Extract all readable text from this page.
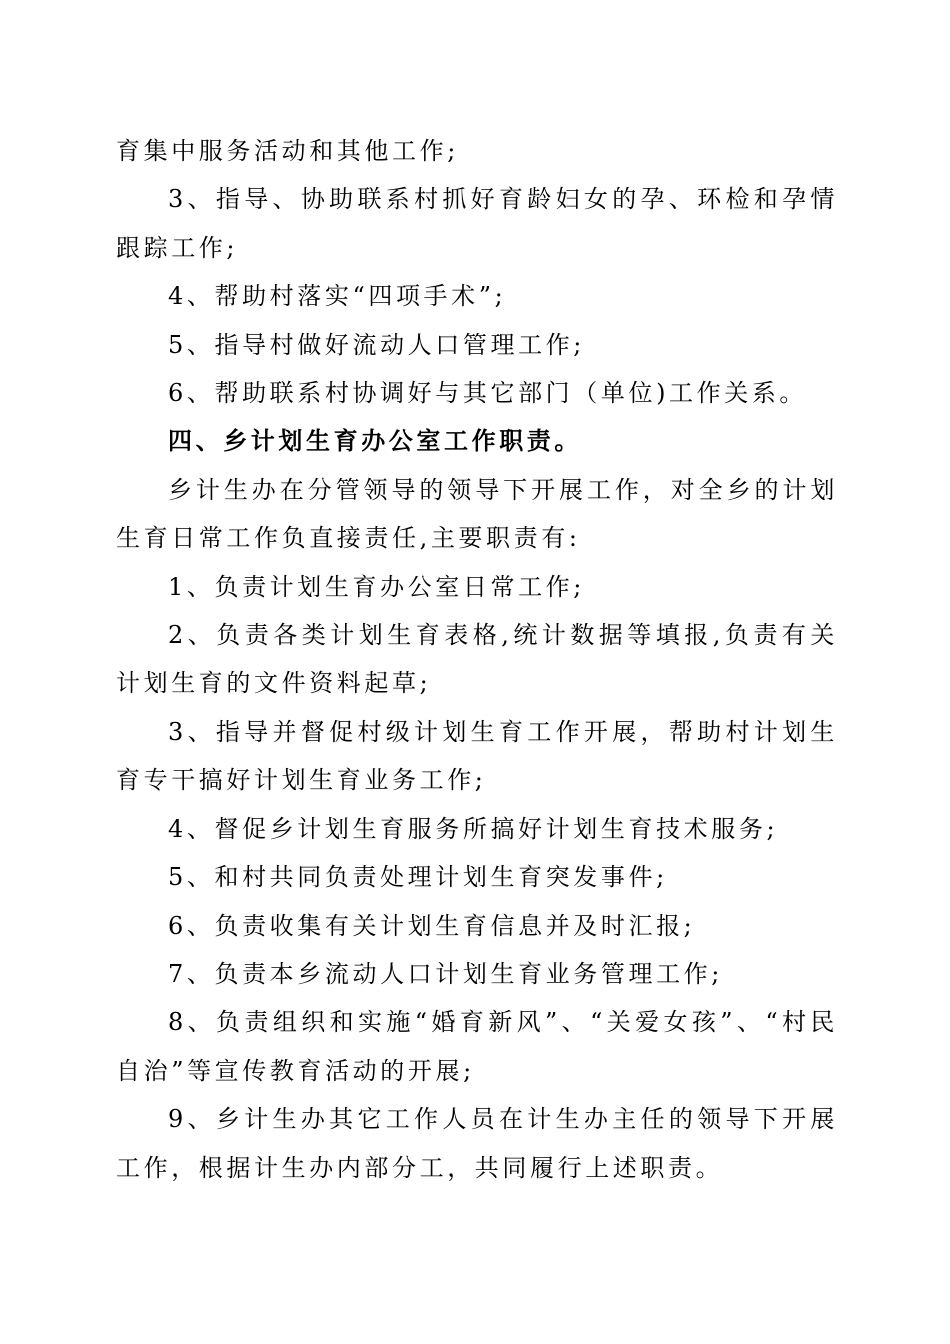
育集中服务活动和其他工作;

3、指导、协助联系村抓好育龄妇女的孕、环检和孕情跟踪工作;

4、帮助村落实“四项手术”;

5、指导村做好流动人口管理工作;

6、帮助联系村协调好与其它部门（单位)工作关系。

四、乡计划生育办公室工作职责。

乡计生办在分管领导的领导下开展工作，对全乡的计划生育日常工作负直接责任,主要职责有:

1、负责计划生育办公室日常工作;

2、负责各类计划生育表格,统计数据等填报,负责有关计划生育的文件资料起草;

3、指导并督促村级计划生育工作开展，帮助村计划生育专干搞好计划生育业务工作;

4、督促乡计划生育服务所搞好计划生育技术服务;

5、和村共同负责处理计划生育突发事件;

6、负责收集有关计划生育信息并及时汇报;

7、负责本乡流动人口计划生育业务管理工作;

8、负责组织和实施“婚育新风”、“关爱女孩”、“村民自治”等宣传教育活动的开展;

9、乡计生办其它工作人员在计生办主任的领导下开展工作，根据计生办内部分工，共同履行上述职责。
